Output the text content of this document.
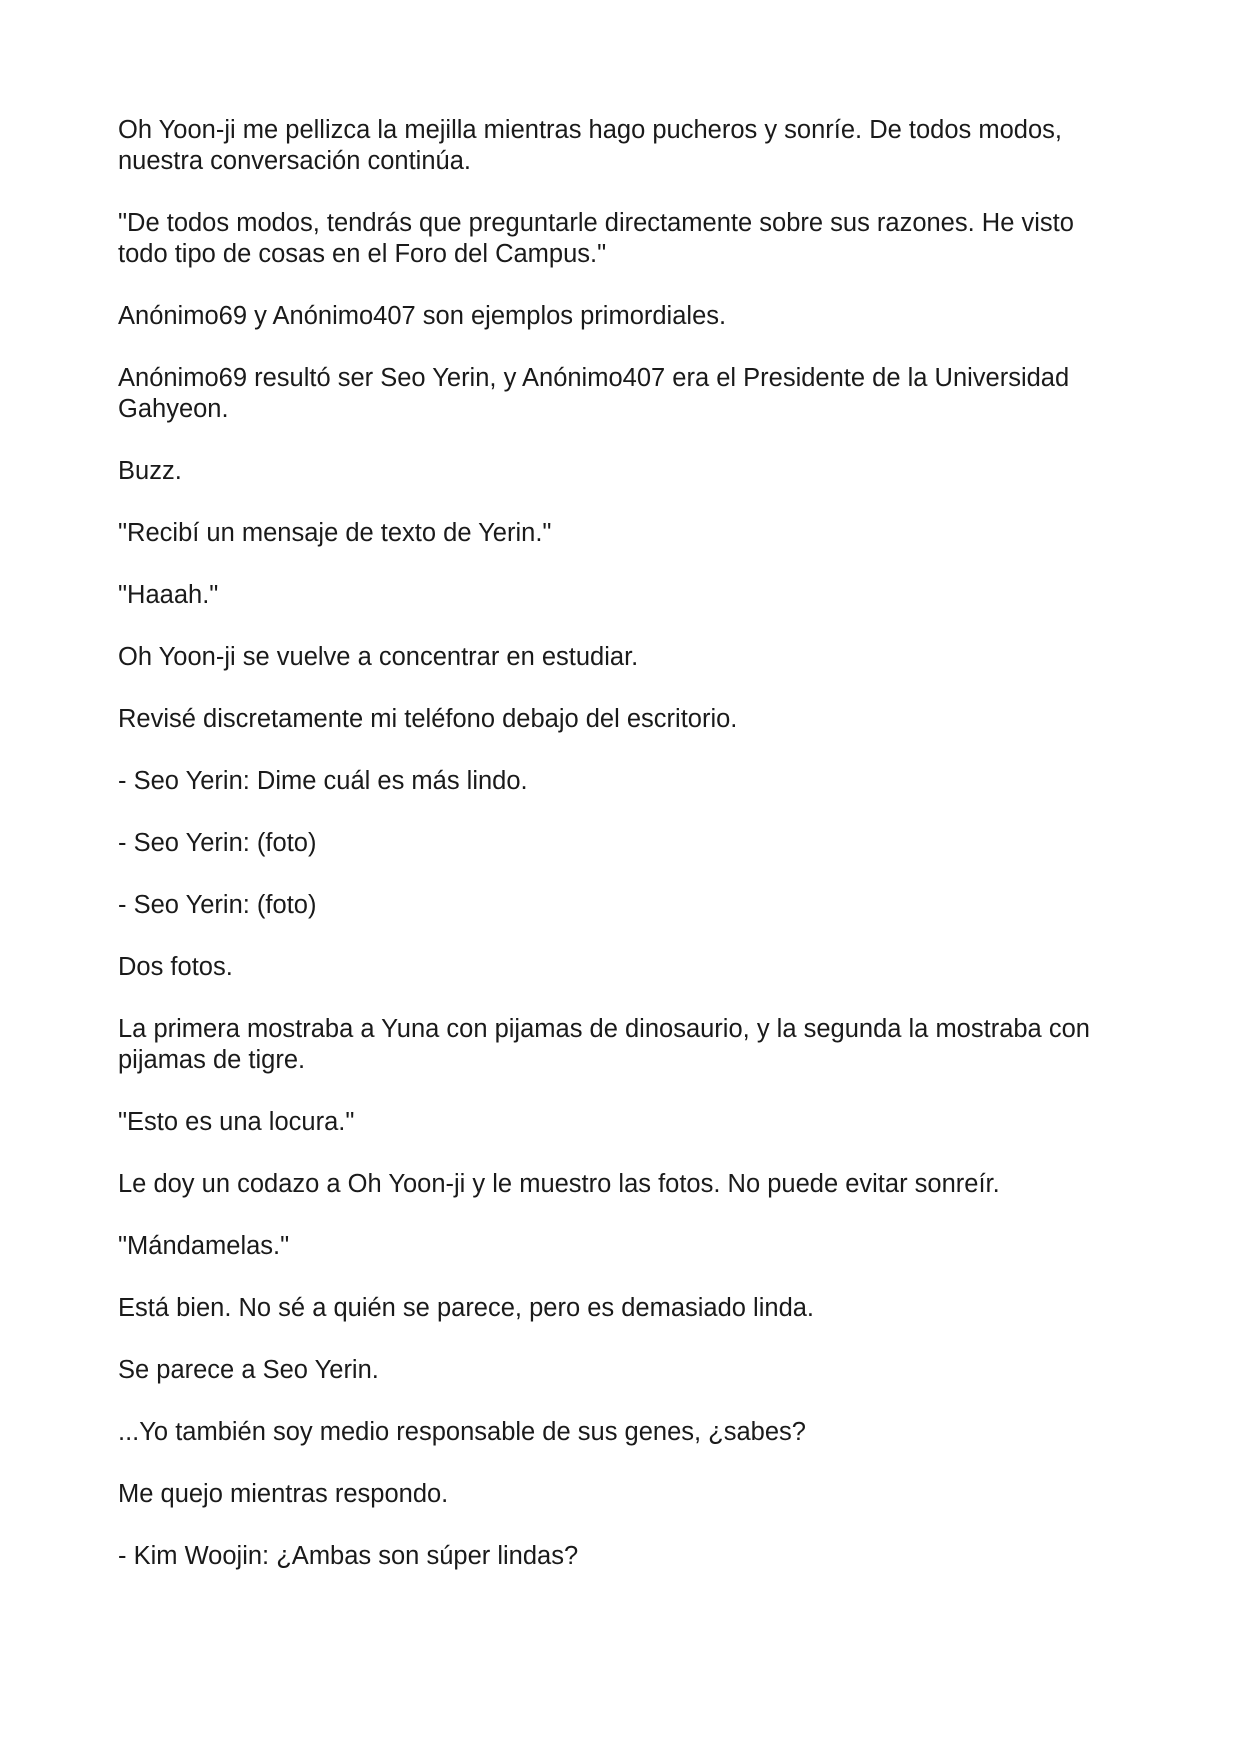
Oh Yoon-ji me pellizca la mejilla mientras hago pucheros y sonríe. De todos modos, nuestra conversación continúa.

"De todos modos, tendrás que preguntarle directamente sobre sus razones. He visto todo tipo de cosas en el Foro del Campus."

Anónimo69 y Anónimo407 son ejemplos primordiales.

Anónimo69 resultó ser Seo Yerin, y Anónimo407 era el Presidente de la Universidad Gahyeon.

Buzz.

"Recibí un mensaje de texto de Yerin."

"Haaah."

Oh Yoon-ji se vuelve a concentrar en estudiar.

Revisé discretamente mi teléfono debajo del escritorio.

- Seo Yerin: Dime cuál es más lindo.

- Seo Yerin: (foto)

- Seo Yerin: (foto)

Dos fotos.

La primera mostraba a Yuna con pijamas de dinosaurio, y la segunda la mostraba con pijamas de tigre.

"Esto es una locura."

Le doy un codazo a Oh Yoon-ji y le muestro las fotos. No puede evitar sonreír.

"Mándamelas."

Está bien. No sé a quién se parece, pero es demasiado linda.

Se parece a Seo Yerin.

...Yo también soy medio responsable de sus genes, ¿sabes?

Me quejo mientras respondo.

- Kim Woojin: ¿Ambas son súper lindas?
